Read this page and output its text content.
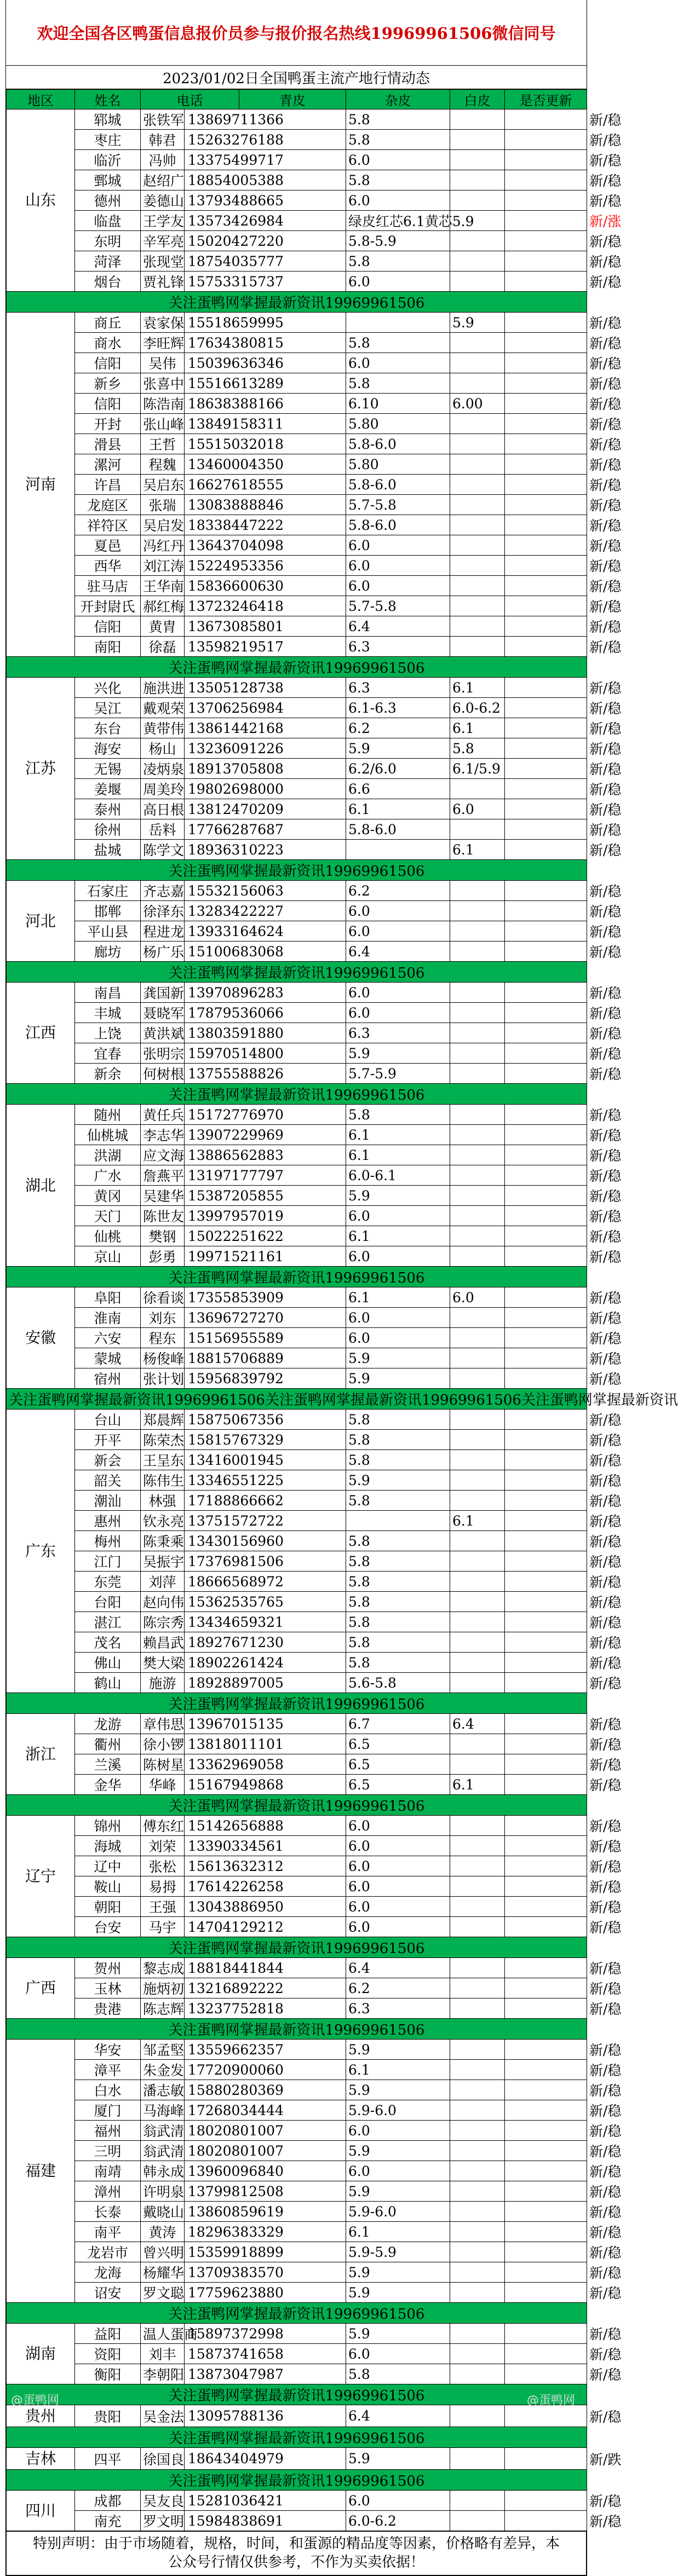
欢迎全国各区鸭蛋信息报价员参与报价报名热线19969961506微信同号
2023/01/02日全国鸭蛋主流产地行情动态
地区	姓名	电话		青皮	杂皮	白皮	是否更新	
山东	郓城	张铁军	13869711366		5.8			新/稳
	枣庄	韩君	15263276188		5.8			新/稳
	临沂	冯帅	13375499717		6.0			新/稳
	鄄城	赵绍广	18854005388		5.8			新/稳
	德州	姜德山	13793488665		6.0			新/稳
	临盘	王学友	13573426984		绿皮红芯6.1黄芯5.9			新/涨
	东明	辛军亮	15020427220		5.8-5.9			新/稳
	菏泽	张现堂	18754035777		5.8			新/稳
	烟台	贾礼锋	15753315737		6.0			新/稳
关注蛋鸭网掌握最新资讯19969961506								
河南	商丘	袁家保	15518659995			5.9		新/稳
	商水	李旺辉	17634380815		5.8			新/稳
	信阳	吴伟	15039636346		6.0			新/稳
	新乡	张喜中	15516613289		5.8			新/稳
	信阳	陈浩南	18638388166		6.10	6.00		新/稳
	开封	张山峰	13849158311		5.80			新/稳
	滑县	王哲	15515032018		5.8-6.0			新/稳
	漯河	程魏	13460004350		5.80			新/稳
	许昌	吴启东	16627618555		5.8-6.0			新/稳
	龙庭区	张瑞	13083888846		5.7-5.8			新/稳
	祥符区	吴启发	18338447222		5.8-6.0			新/稳
	夏邑	冯红丹	13643704098		6.0			新/稳
	西华	刘江涛	15224953356		6.0			新/稳
	驻马店	王华南	15836600630		6.0			新/稳
	开封尉氏	郝红梅	13723246418		5.7-5.8			新/稳
	信阳	黄胄	13673085801		6.4			新/稳
	南阳	徐磊	13598219517		6.3			新/稳
关注蛋鸭网掌握最新资讯19969961506								
江苏	兴化	施洪进	13505128738		6.3	6.1		新/稳
	吴江	戴观荣	13706256984		6.1-6.3	6.0-6.2		新/稳
	东台	黄带伟	13861442168		6.2	6.1		新/稳
	海安	杨山	13236091226		5.9	5.8		新/稳
	无锡	凌炳泉	18913705808		6.2/6.0	6.1/5.9		新/稳
	姜堰	周美玲	19802698000		6.6			新/稳
	泰州	高日根	13812470209		6.1	6.0		新/稳
	徐州	岳料	17766287687		5.8-6.0			新/稳
	盐城	陈学文	18936310223			6.1		新/稳
关注蛋鸭网掌握最新资讯19969961506								
河北	石家庄	齐志嘉	15532156063		6.2			新/稳
	邯郸	徐泽东	13283422227		6.0			新/稳
	平山县	程进龙	13933164624		6.0			新/稳
	廊坊	杨广乐	15100683068		6.4			新/稳
关注蛋鸭网掌握最新资讯19969961506								
江西	南昌	龚国新	13970896283		6.0			新/稳
	丰城	聂晓军	17879536066		6.0			新/稳
	上饶	黄洪斌	13803591880		6.3			新/稳
	宜春	张明宗	15970514800		5.9			新/稳
	新余	何树根	13755588826		5.7-5.9			新/稳
关注蛋鸭网掌握最新资讯19969961506								
湖北	随州	黄任兵	15172776970		5.8			新/稳
	仙桃城	李志华	13907229969		6.1			新/稳
	洪湖	应文海	13886562883		6.1			新/稳
	广水	詹燕平	13197177797		6.0-6.1			新/稳
	黄冈	吴建华	15387205855		5.9			新/稳
	天门	陈世友	13997957019		6.0			新/稳
	仙桃	樊钢	15022251622		6.1			新/稳
	京山	彭勇	19971521161		6.0			新/稳
关注蛋鸭网掌握最新资讯19969961506								
安徽	阜阳	徐看谈	17355853909		6.1	6.0		新/稳
	淮南	刘东	13696727270		6.0			新/稳
	六安	程东	15156955589		6.0			新/稳
	蒙城	杨俊峰	18815706889		5.9			新/稳
	宿州	张计划	15956839792		5.9			新/稳
关注蛋鸭网掌握最新资讯19969961506关注蛋鸭网掌握最新资讯19969961506关注蛋鸭网掌握最新资讯								
广东	台山	郑晨辉	15875067356		5.8			新/稳
	开平	陈荣杰	15815767329		5.8			新/稳
	新会	王呈东	13416001945		5.8			新/稳
	韶关	陈伟生	13346551225		5.9			新/稳
	潮汕	林强	17188866662		5.8			新/稳
	惠州	钦永亮	13751572722			6.1		新/稳
	梅州	陈秉乘	13430156960		5.8			新/稳
	江门	吴振宇	17376981506		5.8			新/稳
	东莞	刘萍	18666568972		5.8			新/稳
	台阳	赵向伟	15362535765		5.8			新/稳
	湛江	陈宗秀	13434659321		5.8			新/稳
	茂名	赖昌武	18927671230		5.8			新/稳
	佛山	樊大梁	18902261424		5.8			新/稳
	鹤山	施游	18928897005		5.6-5.8			新/稳
关注蛋鸭网掌握最新资讯19969961506								
浙江	龙游	章伟思	13967015135		6.7	6.4		新/稳
	衢州	徐小锣	13818011101		6.5			新/稳
	兰溪	陈树星	13362969058		6.5			新/稳
	金华	华峰	15167949868		6.5	6.1		新/稳
关注蛋鸭网掌握最新资讯19969961506								
辽宁	锦州	傅东红	15142656888		6.0			新/稳
	海城	刘荣	13390334561		6.0			新/稳
	辽中	张松	15613632312		6.0			新/稳
	鞍山	易拇	17614226258		6.0			新/稳
	朝阳	王强	13043886950		6.0			新/稳
	台安	马宇	14704129212		6.0			新/稳
关注蛋鸭网掌握最新资讯19969961506								
广西	贺州	黎志成	18818441844		6.4			新/稳
	玉林	施炳初	13216892222		6.2			新/稳
	贵港	陈志辉	13237752818		6.3			新/稳
关注蛋鸭网掌握最新资讯19969961506								
福建	华安	邹孟堅	13559662357		5.9			新/稳
	漳平	朱金发	17720900060		6.1			新/稳
	白水	潘志敏	15880280369		5.9			新/稳
	厦门	马海峰	17268034444		5.9-6.0			新/稳
	福州	翁武清	18020801007		6.0			新/稳
	三明	翁武清	18020801007		5.9			新/稳
	南靖	韩永成	13960096840		6.0			新/稳
	漳州	许明泉	13799812508		5.9			新/稳
	长泰	戴晓山	13860859619		5.9-6.0			新/稳
	南平	黄涛	18296383329		6.1			新/稳
	龙岩市	曾兴明	15359918899		5.9-5.9			新/稳
	龙海	杨耀华	13709383570		5.9			新/稳
	诏安	罗文聪	17759623880		5.9			新/稳
关注蛋鸭网掌握最新资讯19969961506								
湖南	益阳	温人蛋商	15897372998		5.9			新/稳
	资阳	刘丰	15873741658		6.0			新/稳
	衡阳	李朝阳	13873047987		5.8			新/稳
关注蛋鸭网掌握最新资讯19969961506								
贵州	贵阳	吴金法	13095788136		6.4			新/稳
关注蛋鸭网掌握最新资讯19969961506								
吉林	四平	徐国良	18643404979		5.9			新/跌
关注蛋鸭网掌握最新资讯19969961506								
四川	成都	吴友良	15281036421		6.0			新/稳
	南充	罗文明	15984838691		6.0-6.2			新/稳
特别声明：由于市场随着，规格，时间，和蛋源的精品度等因素，价格略有差异，本公众号行情仅供参考，不作为买卖依据！
@蛋鸭网	@蛋鸭网
